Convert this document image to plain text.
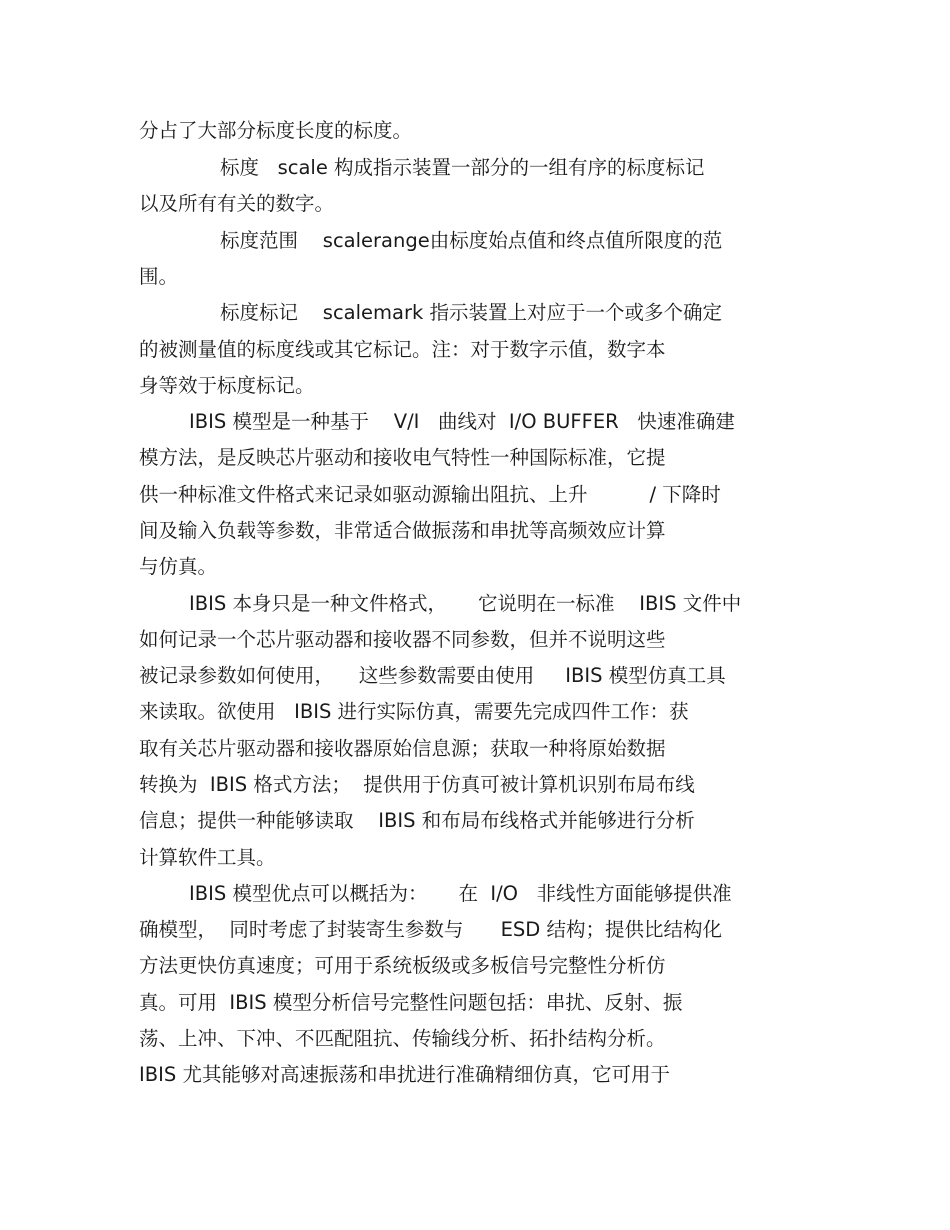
分占了大部分标度长度的标度。
标度   scale 构成指示装置一部分的一组有序的标度标记
以及所有有关的数字。
标度范围    scalerange由标度始点值和终点值所限度的范
围。
标度标记    scalemark 指示装置上对应于一个或多个确定
的被测量值的标度线或其它标记。注：对于数字示值，数字本
身等效于标度标记。
IBIS 模型是一种基于    V/I   曲线对  I/O BUFFER   快速准确建
模方法，是反映芯片驱动和接收电气特性一种国际标准，它提
供一种标准文件格式来记录如驱动源输出阻抗、上升          / 下降时
间及输入负载等参数，非常适合做振荡和串扰等高频效应计算
与仿真。
IBIS 本身只是一种文件格式，     它说明在一标准    IBIS 文件中
如何记录一个芯片驱动器和接收器不同参数，但并不说明这些
被记录参数如何使用，    这些参数需要由使用     IBIS 模型仿真工具
来读取。欲使用   IBIS 进行实际仿真，需要先完成四件工作：获
取有关芯片驱动器和接收器原始信息源；获取一种将原始数据
转换为  IBIS 格式方法；  提供用于仿真可被计算机识别布局布线
信息；提供一种能够读取    IBIS 和布局布线格式并能够进行分析
计算软件工具。
IBIS 模型优点可以概括为：     在  I/O   非线性方面能够提供准
确模型，  同时考虑了封装寄生参数与      ESD 结构；提供比结构化
方法更快仿真速度；可用于系统板级或多板信号完整性分析仿
真。可用  IBIS 模型分析信号完整性问题包括：串扰、反射、振
荡、上冲、下冲、不匹配阻抗、传输线分析、拓扑结构分析。
IBIS 尤其能够对高速振荡和串扰进行准确精细仿真，它可用于
